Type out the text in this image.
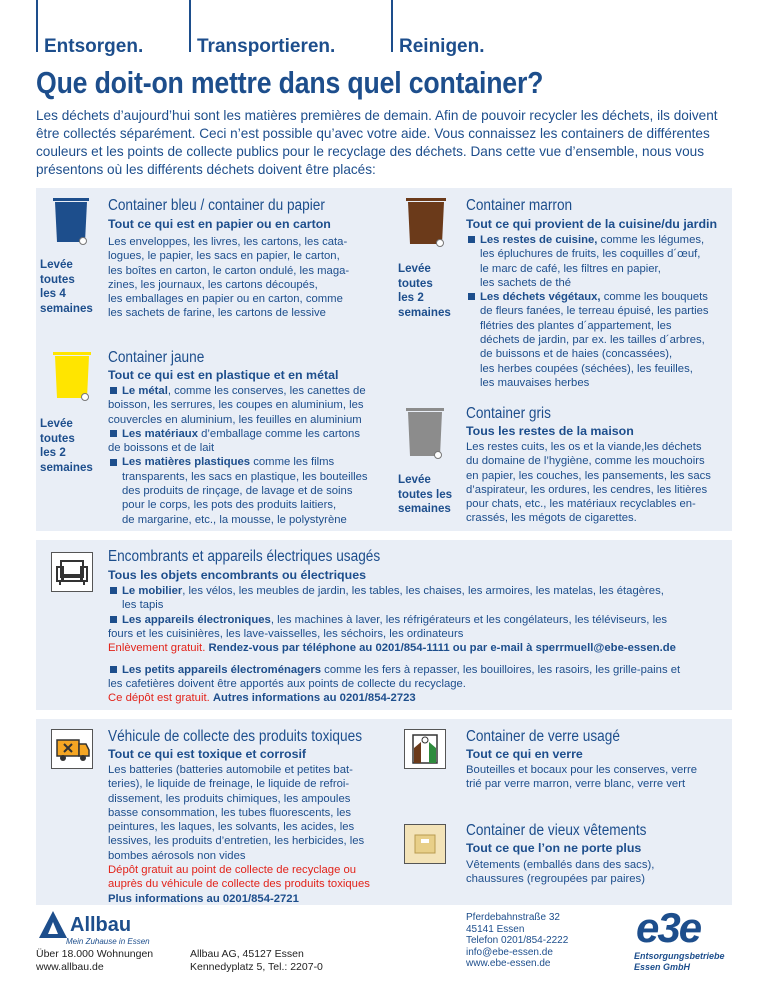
Entsorgen.	Transportieren.	Reinigen.
Que doit-on mettre dans quel container?
Les déchets d’aujourd’hui sont les matières premières de demain. Afin de pouvoir recycler les déchets, ils doivent être collectés séparément. Ceci n’est possible qu’avec votre aide. Vous connaissez les containers de différentes couleurs et les points de collecte publics pour le recyclage des déchets. Dans cette vue d’ensemble, nous vous présentons où les différents déchets doivent être placés:
Container bleu / container du papier
Tout ce qui est en papier ou en carton
Levée
toutes
les 4
semaines
Les enveloppes, les livres, les cartons, les cata-
logues, le papier, les sacs en papier, le carton,
les boîtes en carton, le carton ondulé, les maga-
zines, les journaux, les cartons découpés,
les emballages en papier ou en carton, comme
les sachets de farine, les cartons de lessive
Container marron
Tout ce qui provient de la cuisine/du jardin
Levée
toutes
les 2
semaines
Les restes de cuisine, comme les légumes,
les épluchures de fruits, les coquilles d´œuf,
le marc de café, les filtres en papier,
les sachets de thé
Les déchets végétaux, comme les bouquets
de fleurs fanées, le terreau épuisé, les parties
flétries des plantes d´appartement, les
déchets de jardin, par ex. les tailles d´arbres,
de buissons et de haies (concassées),
les herbes coupées (séchées), les feuilles,
les mauvaises herbes
Container jaune
Tout ce qui est en plastique et en métal
Levée
toutes
les 2
semaines
Le métal, comme les conserves, les canettes de
boisson, les serrures, les coupes en aluminium, les
couvercles en aluminium, les feuilles en aluminium
Les matériaux d’emballage comme les cartons
de boissons et de lait
Les matières plastiques comme les films
transparents, les sacs en plastique, les bouteilles
des produits de rinçage, de lavage et de soins
pour le corps, les pots des produits laitiers,
de margarine, etc., la mousse, le polystyrène
Container gris
Tous les restes de la maison
Levée
toutes les
semaines
Les restes cuits, les os et la viande,les déchets
du domaine de l’hygiène, comme les mouchoirs
en papier, les couches, les pansements, les sacs
d’aspirateur, les ordures, les cendres, les litières
pour chats, etc., les matériaux recyclables en-
crassés, les mégots de cigarettes.
Encombrants et appareils électriques usagés
Tous les objets encombrants ou électriques
Le mobilier, les vélos, les meubles de jardin, les tables, les chaises, les armoires, les matelas, les étagères,
les tapis
Les appareils électroniques, les machines à laver, les réfrigérateurs et les congélateurs, les téléviseurs, les
fours et les cuisinières, les lave-vaisselles, les séchoirs, les ordinateurs
Enlèvement gratuit. Rendez-vous par téléphone au 0201/854-1111 ou par e-mail à sperrmuell@ebe-essen.de
Les petits appareils électroménagers comme les fers à repasser, les bouilloires, les rasoirs, les grille-pains et
les cafetières doivent être apportés aux points de collecte du recyclage.
Ce dépôt est gratuit. Autres informations au 0201/854-2723
Véhicule de collecte des produits toxiques
Tout ce qui est toxique et corrosif
Les batteries (batteries automobile et petites bat-
teries), le liquide de freinage, le liquide de refroi-
dissement, les produits chimiques, les ampoules
basse consommation, les tubes fluorescents, les
peintures, les laques, les solvants, les acides, les
lessives, les produits d’entretien, les herbicides, les
bombes aérosols non vides
Dépôt gratuit au point de collecte de recyclage ou
auprès du véhicule de collecte des produits toxiques
Plus informations au 0201/854-2721
Container de verre usagé
Tout ce qui en verre
Bouteilles et bocaux pour les conserves, verre
trié par verre marron, verre blanc, verre vert
Container de vieux vêtements
Tout ce que l’on ne porte plus
Vêtements (emballés dans des sacs),
chaussures (regroupées par paires)
Allbau
Mein Zuhause in Essen
Über 18.000 Wohnungen
www.allbau.de
Allbau AG, 45127 Essen
Kennedyplatz 5, Tel.: 2207-0
Pferdebahnstraße 32
45141 Essen
Telefon 0201/854-2222
info@ebe-essen.de
www.ebe-essen.de
e3e
Entsorgungsbetriebe
Essen GmbH
